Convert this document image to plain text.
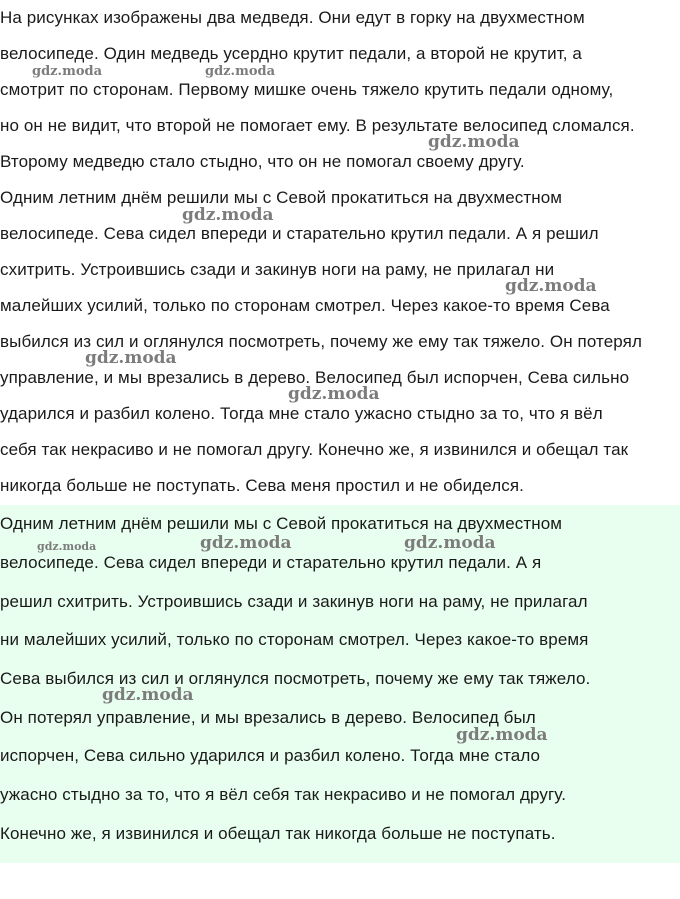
На рисунках изображены два медведя. Они едут в горку на двухместном
велосипеде. Один медведь усердно крутит педали, а второй не крутит, а
смотрит по сторонам. Первому мишке очень тяжело крутить педали одному,
но он не видит, что второй не помогает ему. В результате велосипед сломался.
Второму медведю стало стыдно, что он не помогал своему другу.
Одним летним днём решили мы с Севой прокатиться на двухместном
велосипеде. Сева сидел впереди и старательно крутил педали. А я решил
схитрить. Устроившись сзади и закинув ноги на раму, не прилагал ни
малейших усилий, только по сторонам смотрел. Через какое-то время Сева
выбился из сил и оглянулся посмотреть, почему же ему так тяжело. Он потерял
управление, и мы врезались в дерево. Велосипед был испорчен, Сева сильно
ударился и разбил колено. Тогда мне стало ужасно стыдно за то, что я вёл
себя так некрасиво и не помогал другу. Конечно же, я извинился и обещал так
никогда больше не поступать. Сева меня простил и не обиделся.
gdz.moda	gdz.moda
gdz.moda
gdz.moda
gdz.moda
gdz.moda
gdz.moda
Одним летним днём решили мы с Севой прокатиться на двухместном
велосипеде. Сева сидел впереди и старательно крутил педали. А я
решил схитрить. Устроившись сзади и закинув ноги на раму, не прилагал
ни малейших усилий, только по сторонам смотрел. Через какое-то время
Сева выбился из сил и оглянулся посмотреть, почему же ему так тяжело.
Он потерял управление, и мы врезались в дерево. Велосипед был
испорчен, Сева сильно ударился и разбил колено. Тогда мне стало
ужасно стыдно за то, что я вёл себя так некрасиво и не помогал другу.
Конечно же, я извинился и обещал так никогда больше не поступать.
gdz.moda	gdz.moda	gdz.moda
gdz.moda
gdz.moda
